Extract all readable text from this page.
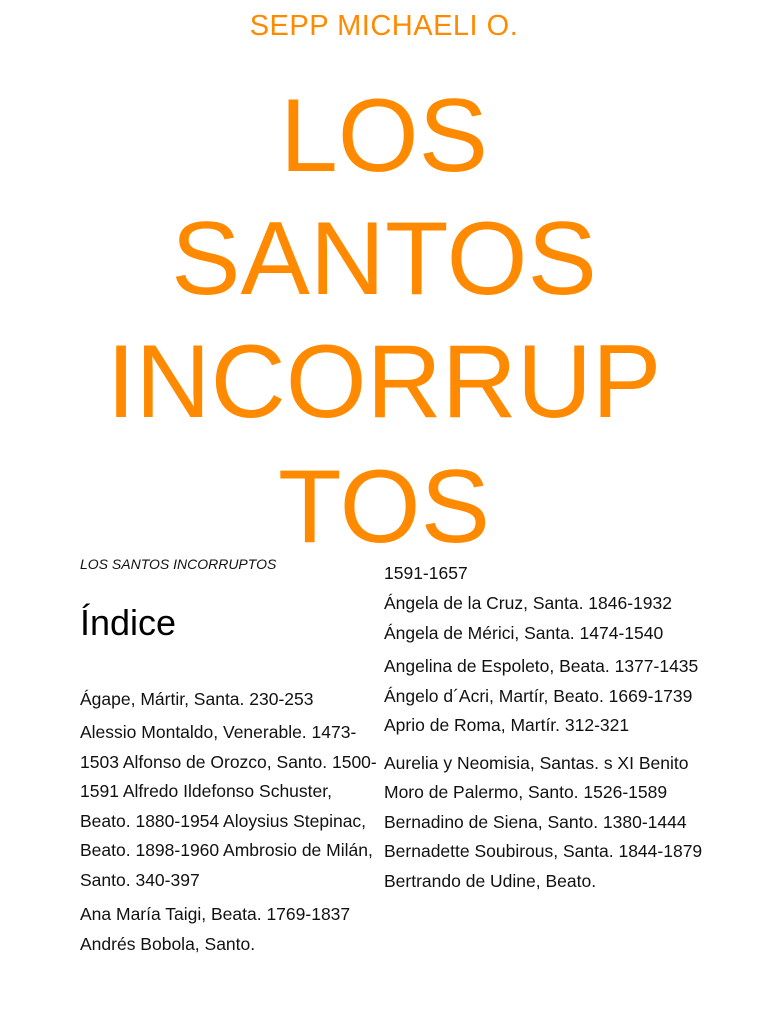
SEPP MICHAELI O.
LOS
SANTOS
INCORRUP
TOS

LOS SANTOS INCORRUPTOS

Índice

Ágape, Mártir, Santa. 230-253

Alessio Montaldo, Venerable. 1473-1503 Alfonso de Orozco, Santo. 1500-1591 Alfredo Ildefonso Schuster, Beato. 1880-1954 Aloysius Stepinac, Beato. 1898-1960 Ambrosio de Milán, Santo. 340-397

Ana María Taigi, Beata. 1769-1837

Andrés Bobola, Santo.

1591-1657

Ángela de la Cruz, Santa. 1846-1932

Ángela de Mérici, Santa. 1474-1540

Angelina de Espoleto, Beata. 1377-1435 Ángelo d´Acri, Martír, Beato. 1669-1739 Aprio de Roma, Martír. 312-321

Aurelia y Neomisia, Santas. s XI Benito Moro de Palermo, Santo. 1526-1589 Bernadino de Siena, Santo. 1380-1444 Bernadette Soubirous, Santa. 1844-1879 Bertrando de Udine, Beato.
